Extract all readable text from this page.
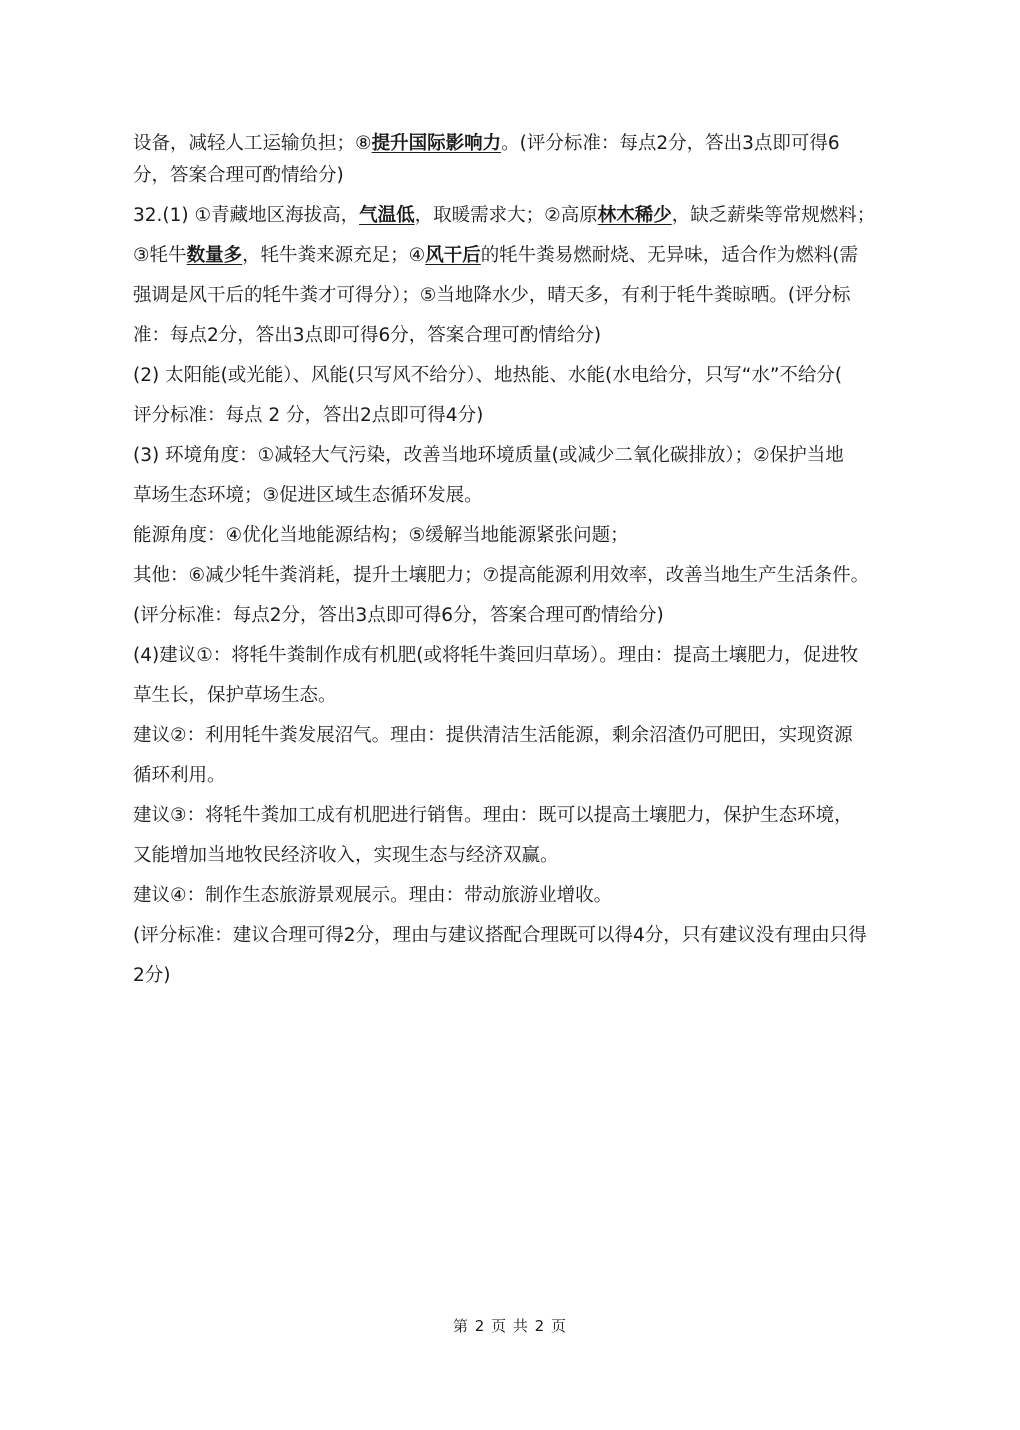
设备，减轻人工运输负担；⑧提升国际影响力。(评分标准：每点2分，答出3点即可得6
分，答案合理可酌情给分)
32.(1) ①青藏地区海拔高，气温低，取暖需求大；②高原林木稀少，缺乏薪柴等常规燃料；
③牦牛数量多，牦牛粪来源充足；④风干后的牦牛粪易燃耐烧、无异味，适合作为燃料(需
强调是风干后的牦牛粪才可得分）；⑤当地降水少，晴天多，有利于牦牛粪晾晒。(评分标
准：每点2分，答出3点即可得6分，答案合理可酌情给分)
(2) 太阳能(或光能）、风能(只写风不给分）、地热能、水能(水电给分，只写“水”不给分(
评分标准：每点 2 分，答出2点即可得4分)
(3) 环境角度：①减轻大气污染，改善当地环境质量(或减少二氧化碳排放）；②保护当地
草场生态环境；③促进区域生态循环发展。
能源角度：④优化当地能源结构；⑤缓解当地能源紧张问题；
其他：⑥减少牦牛粪消耗，提升土壤肥力；⑦提高能源利用效率，改善当地生产生活条件。
(评分标准：每点2分，答出3点即可得6分，答案合理可酌情给分)
(4)建议①：将牦牛粪制作成有机肥(或将牦牛粪回归草场）。理由：提高土壤肥力，促进牧
草生长，保护草场生态。
建议②：利用牦牛粪发展沼气。理由：提供清洁生活能源，剩余沼渣仍可肥田，实现资源
循环利用。
建议③：将牦牛粪加工成有机肥进行销售。理由：既可以提高土壤肥力，保护生态环境，
又能增加当地牧民经济收入，实现生态与经济双赢。
建议④：制作生态旅游景观展示。理由：带动旅游业增收。
(评分标准：建议合理可得2分，理由与建议搭配合理既可以得4分，只有建议没有理由只得
2分)
第 2 页 共 2 页
